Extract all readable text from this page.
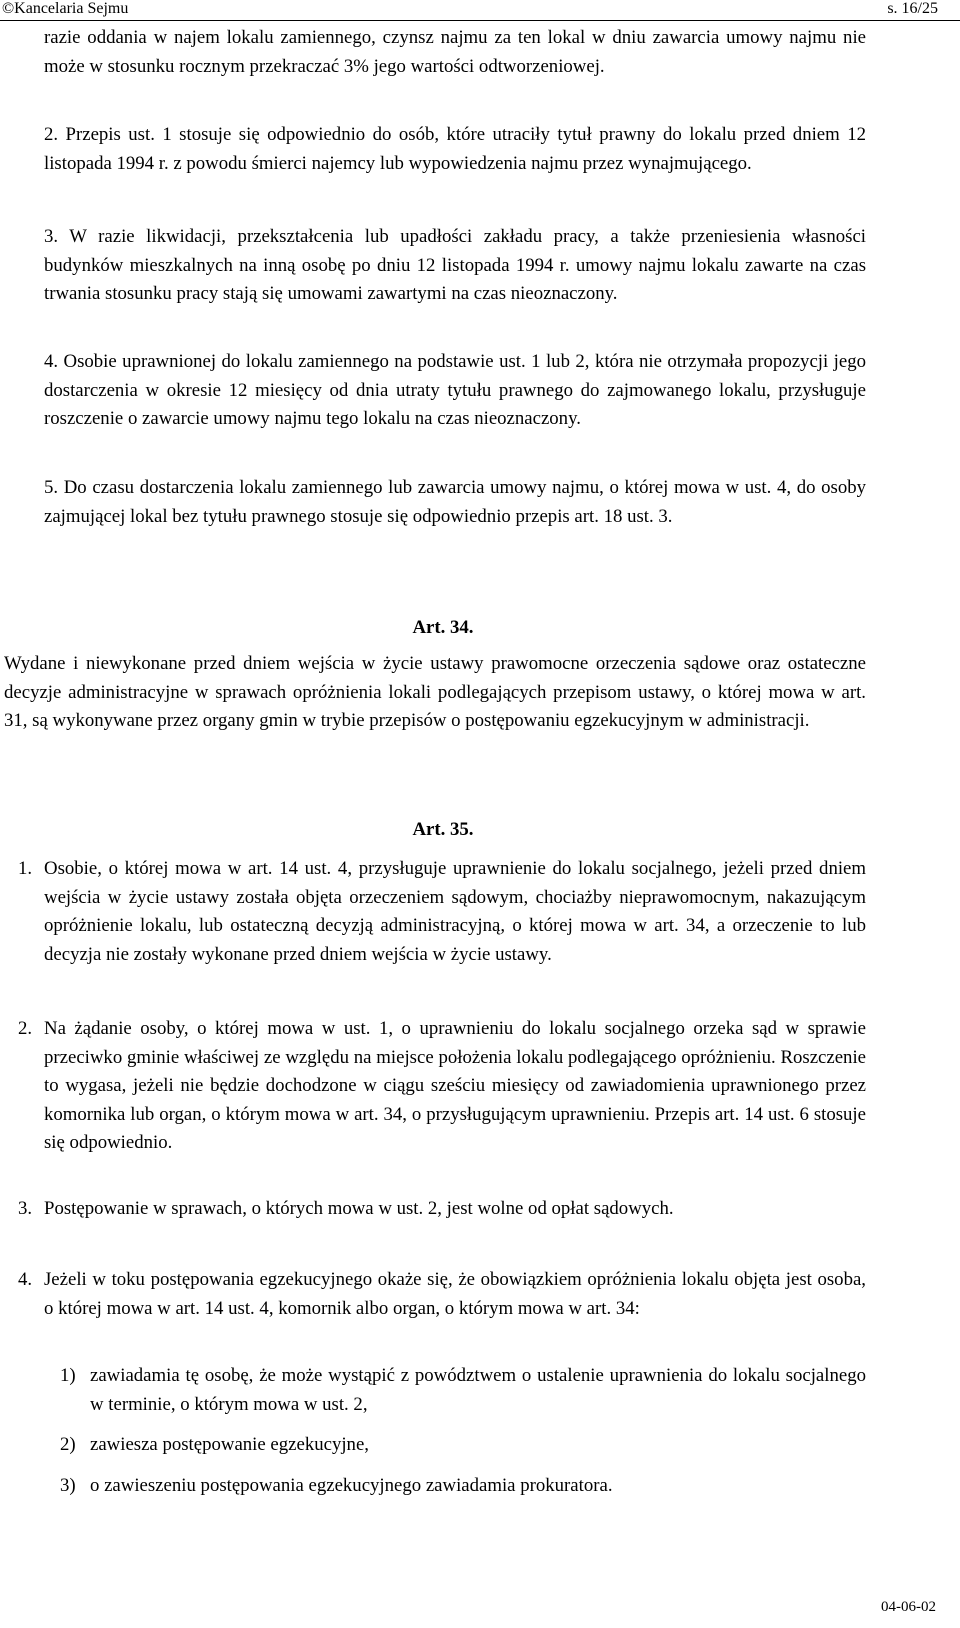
©Kancelaria Sejmu	s. 16/25

razie oddania w najem lokalu zamiennego, czynsz najmu za ten lokal w dniu zawarcia umowy najmu nie może w stosunku rocznym przekraczać 3% jego wartości odtworzeniowej.

2. Przepis ust. 1 stosuje się odpowiednio do osób, które utraciły tytuł prawny do lokalu przed dniem 12 listopada 1994 r. z powodu śmierci najemcy lub wypowiedzenia najmu przez wynajmującego.

3. W razie likwidacji, przekształcenia lub upadłości zakładu pracy, a także przeniesienia własności budynków mieszkalnych na inną osobę po dniu 12 listopada 1994 r. umowy najmu lokalu zawarte na czas trwania stosunku pracy stają się umowami zawartymi na czas nieoznaczony.

4. Osobie uprawnionej do lokalu zamiennego na podstawie ust. 1 lub 2, która nie otrzymała propozycji jego dostarczenia w okresie 12 miesięcy od dnia utraty tytułu prawnego do zajmowanego lokalu, przysługuje roszczenie o zawarcie umowy najmu tego lokalu na czas nieoznaczony.

5. Do czasu dostarczenia lokalu zamiennego lub zawarcia umowy najmu, o której mowa w ust. 4, do osoby zajmującej lokal bez tytułu prawnego stosuje się odpowiednio przepis art. 18 ust. 3.

Art. 34.

Wydane i niewykonane przed dniem wejścia w życie ustawy prawomocne orzeczenia sądowe oraz ostateczne decyzje administracyjne w sprawach opróżnienia lokali podlegających przepisom ustawy, o której mowa w art. 31, są wykonywane przez organy gmin w trybie przepisów o postępowaniu egzekucyjnym w administracji.

Art. 35.
1. Osobie, o której mowa w art. 14 ust. 4, przysługuje uprawnienie do lokalu socjalnego, jeżeli przed dniem wejścia w życie ustawy została objęta orzeczeniem sądowym, chociażby nieprawomocnym, nakazującym opróżnienie lokalu, lub ostateczną decyzją administracyjną, o której mowa w art. 34, a orzeczenie to lub decyzja nie zostały wykonane przed dniem wejścia w życie ustawy.

2. Na żądanie osoby, o której mowa w ust. 1, o uprawnieniu do lokalu socjalnego orzeka sąd w sprawie przeciwko gminie właściwej ze względu na miejsce położenia lokalu podlegającego opróżnieniu. Roszczenie to wygasa, jeżeli nie będzie dochodzone w ciągu sześciu miesięcy od zawiadomienia uprawnionego przez komornika lub organ, o którym mowa w art. 34, o przysługującym uprawnieniu. Przepis art. 14 ust. 6 stosuje się odpowiednio.

3. Postępowanie w sprawach, o których mowa w ust. 2, jest wolne od opłat sądowych.

4. Jeżeli w toku postępowania egzekucyjnego okaże się, że obowiązkiem opróżnienia lokalu objęta jest osoba, o której mowa w art. 14 ust. 4, komornik albo organ, o którym mowa w art. 34:

1) zawiadamia tę osobę, że może wystąpić z powództwem o ustalenie uprawnienia do lokalu socjalnego w terminie, o którym mowa w ust. 2,

2) zawiesza postępowanie egzekucyjne,

3) o zawieszeniu postępowania egzekucyjnego zawiadamia prokuratora.

04-06-02
